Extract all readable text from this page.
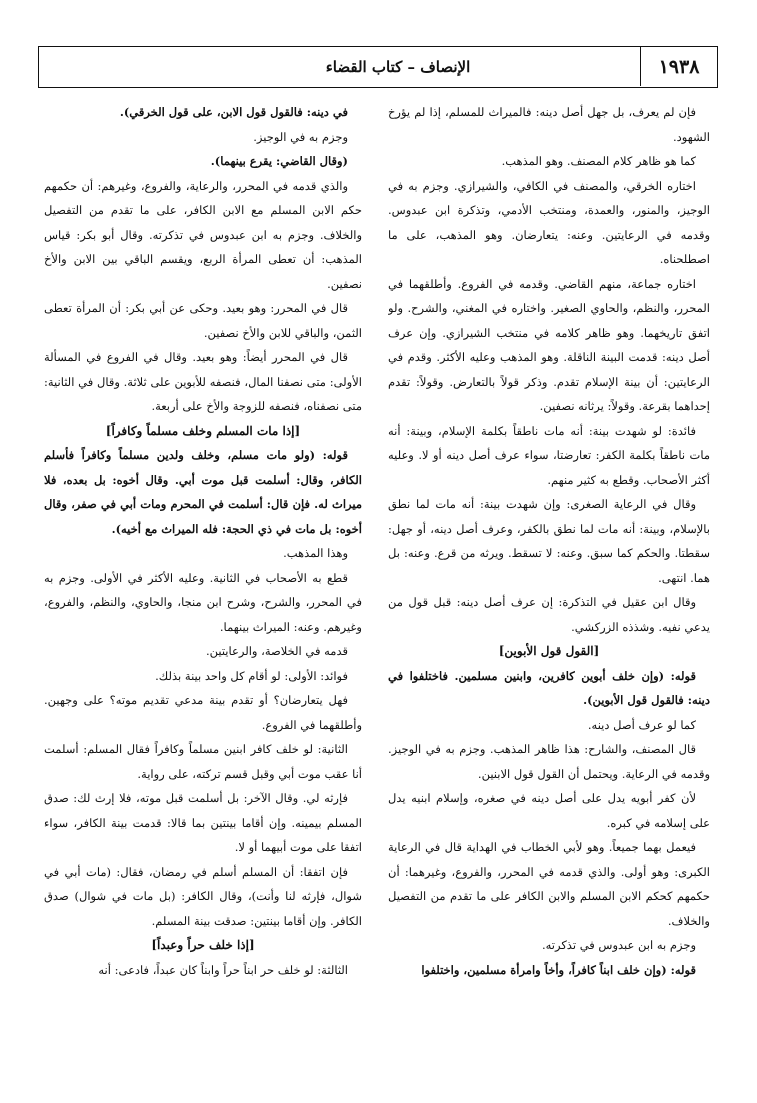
١٩٣٨
الإنصاف – كتاب القضاء

فإن لم يعرف، بل جهل أصل دينه: فالميراث للمسلم، إذا لم يؤرخ الشهود.

كما هو ظاهر كلام المصنف. وهو المذهب.

اختاره الخرقي، والمصنف في الكافي، والشيرازي. وجزم به في الوجيز، والمنور، والعمدة، ومنتخب الأدمي، وتذكرة ابن عبدوس. وقدمه في الرعايتين. وعنه: يتعارضان. وهو المذهب، على ما اصطلحناه.

اختاره جماعة، منهم القاضي. وقدمه في الفروع. وأطلقهما في المحرر، والنظم، والحاوي الصغير. واختاره في المغني، والشرح. ولو اتفق تاريخهما. وهو ظاهر كلامه في منتخب الشيرازي. وإن عرف أصل دينه: قدمت البينة الناقلة. وهو المذهب وعليه الأكثر. وقدم في الرعايتين: أن بينة الإسلام تقدم. وذكر قولاً بالتعارض. وقولاً: تقدم إحداهما بقرعة. وقولاً: يرثانه نصفين.

فائدة: لو شهدت بينة: أنه مات ناطقاً بكلمة الإسلام، وبينة: أنه مات ناطقاً بكلمة الكفر: تعارضتا، سواء عرف أصل دينه أو لا. وعليه أكثر الأصحاب. وقطع به كثير منهم.

وقال في الرعاية الصغرى: وإن شهدت بينة: أنه مات لما نطق بالإسلام، وبينة: أنه مات لما نطق بالكفر، وعرف أصل دينه، أو جهل: سقطتا. والحكم كما سبق. وعنه: لا تسقط. ويرثه من قرع. وعنه: بل هما. انتهى.

وقال ابن عقيل في التذكرة: إن عرف أصل دينه: قبل قول من يدعي نفيه. وشذذه الزركشي.

[القول قول الأبوين]

قوله: (وإن خلف أبوين كافرين، وابنين مسلمين. فاختلفوا في دينه: فالقول قول الأبوين).

كما لو عرف أصل دينه.

قال المصنف، والشارح: هذا ظاهر المذهب. وجزم به في الوجيز. وقدمه في الرعاية. ويحتمل أن القول قول الابنين.

لأن كفر أبويه يدل على أصل دينه في صغره، وإسلام ابنيه يدل على إسلامه في كبره.

فيعمل بهما جميعاً. وهو لأبي الخطاب في الهداية قال في الرعاية الكبرى: وهو أولى. والذي قدمه في المحرر، والفروع، وغيرهما: أن حكمهم كحكم الابن المسلم والابن الكافر على ما تقدم من التفصيل والخلاف.

وجزم به ابن عبدوس في تذكرته.

قوله: (وإن خلف ابناً كافراً، وأخاً وامرأة مسلمين، واختلفوا

في دينه: فالقول قول الابن، على قول الخرقي).

وجزم به في الوجيز.

(وقال القاضي: يقرع بينهما).

والذي قدمه في المحرر، والرعاية، والفروع، وغيرهم: أن حكمهم حكم الابن المسلم مع الابن الكافر، على ما تقدم من التفصيل والخلاف. وجزم به ابن عبدوس في تذكرته. وقال أبو بكر: قياس المذهب: أن تعطى المرأة الربع، ويقسم الباقي بين الابن والأخ نصفين.

قال في المحرر: وهو بعيد. وحكى عن أبي بكر: أن المرأة تعطى الثمن، والباقي للابن والأخ نصفين.

قال في المحرر أيضاً: وهو بعيد. وقال في الفروع في المسألة الأولى: متى نصفنا المال، فنصفه للأبوين على ثلاثة. وقال في الثانية: متى نصفناه، فنصفه للزوجة والأخ على أربعة.

[إذا مات المسلم وخلف مسلماً وكافراً]

قوله: (ولو مات مسلم، وخلف ولدين مسلماً وكافراً فأسلم الكافر، وقال: أسلمت قبل موت أبي. وقال أخوه: بل بعده، فلا ميراث له. فإن قال: أسلمت في المحرم ومات أبي في صفر، وقال أخوه: بل مات في ذي الحجة: فله الميراث مع أخيه).

وهذا المذهب.

قطع به الأصحاب في الثانية. وعليه الأكثر في الأولى. وجزم به في المحرر، والشرح، وشرح ابن منجا، والحاوي، والنظم، والفروع، وغيرهم. وعنه: الميراث بينهما.

قدمه في الخلاصة، والرعايتين.

فوائد: الأولى: لو أقام كل واحد بينة بذلك.

فهل يتعارضان؟ أو تقدم بينة مدعي تقديم موته؟ على وجهين. وأطلقهما في الفروع.

الثانية: لو خلف كافر ابنين مسلماً وكافراً فقال المسلم: أسلمت أنا عقب موت أبي وقبل قسم تركته، على رواية.

فإرثه لي. وقال الآخر: بل أسلمت قبل موته، فلا إرث لك: صدق المسلم بيمينه. وإن أقاما بينتين بما قالا: قدمت بينة الكافر، سواء اتفقا على موت أبيهما أو لا.

فإن اتفقا: أن المسلم أسلم في رمضان، فقال: (مات أبي في شوال، فإرثه لنا وأنت)، وقال الكافر: (بل مات في شوال) صدق الكافر. وإن أقاما بينتين: صدقت بينة المسلم.

[إذا خلف حراً وعبداً]

الثالثة: لو خلف حر ابناً حراً وابناً كان عبداً، فادعى: أنه
